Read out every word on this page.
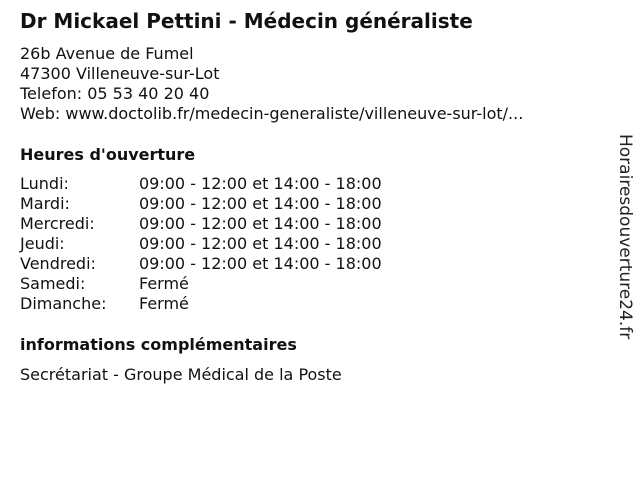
Dr Mickael Pettini - Médecin généraliste
26b Avenue de Fumel
47300 Villeneuve-sur-Lot
Telefon: 05 53 40 20 40
Web: www.doctolib.fr/medecin-generaliste/villeneuve-sur-lot/...
Heures d'ouverture
Lundi:	09:00 - 12:00 et 14:00 - 18:00
Mardi:	09:00 - 12:00 et 14:00 - 18:00
Mercredi:	09:00 - 12:00 et 14:00 - 18:00
Jeudi:	09:00 - 12:00 et 14:00 - 18:00
Vendredi:	09:00 - 12:00 et 14:00 - 18:00
Samedi:	Fermé
Dimanche:	Fermé
informations complémentaires
Secrétariat - Groupe Médical de la Poste
Horairesdouverture24.fr
